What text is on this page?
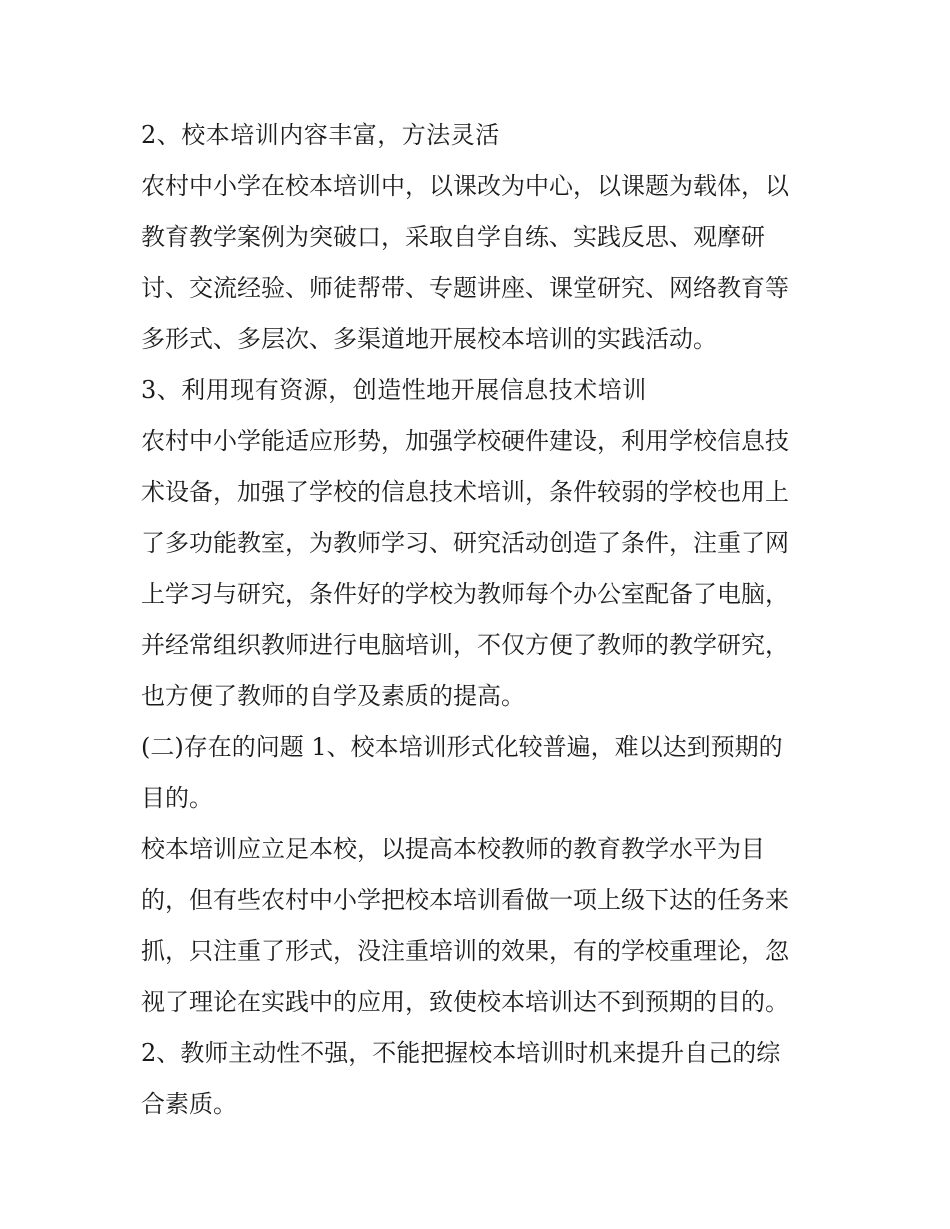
2、校本培训内容丰富，方法灵活
农村中小学在校本培训中，以课改为中心，以课题为载体，以
教育教学案例为突破口，采取自学自练、实践反思、观摩研
讨、交流经验、师徒帮带、专题讲座、课堂研究、网络教育等
多形式、多层次、多渠道地开展校本培训的实践活动。
3、利用现有资源，创造性地开展信息技术培训
农村中小学能适应形势，加强学校硬件建设，利用学校信息技
术设备，加强了学校的信息技术培训，条件较弱的学校也用上
了多功能教室，为教师学习、研究活动创造了条件，注重了网
上学习与研究，条件好的学校为教师每个办公室配备了电脑，
并经常组织教师进行电脑培训，不仅方便了教师的教学研究，
也方便了教师的自学及素质的提高。
(二)存在的问题 1、校本培训形式化较普遍，难以达到预期的
目的。
校本培训应立足本校，以提高本校教师的教育教学水平为目
的，但有些农村中小学把校本培训看做一项上级下达的任务来
抓，只注重了形式，没注重培训的效果，有的学校重理论，忽
视了理论在实践中的应用，致使校本培训达不到预期的目的。
2、教师主动性不强，不能把握校本培训时机来提升自己的综
合素质。
